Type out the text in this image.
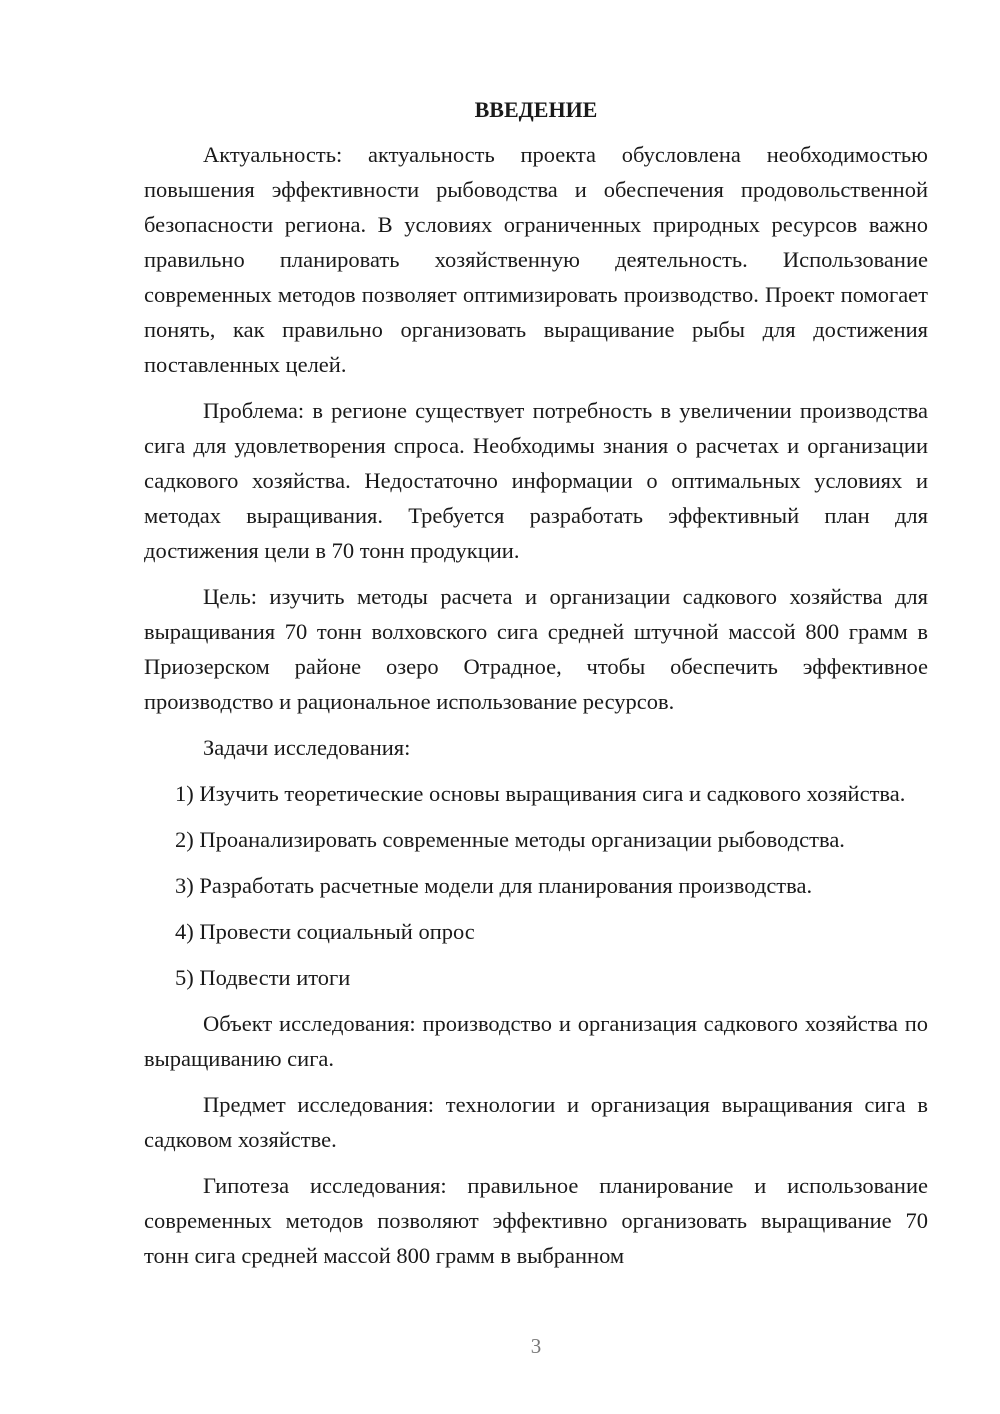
ВВЕДЕНИЕ

Актуальность: актуальность проекта обусловлена необходимостью повышения эффективности рыбоводства и обеспечения продовольственной безопасности региона. В условиях ограниченных природных ресурсов важно правильно планировать хозяйственную деятельность. Использование современных методов позволяет оптимизировать производство. Проект помогает понять, как правильно организовать выращивание рыбы для достижения поставленных целей.

Проблема: в регионе существует потребность в увеличении производства сига для удовлетворения спроса. Необходимы знания о расчетах и организации садкового хозяйства. Недостаточно информации о оптимальных условиях и методах выращивания. Требуется разработать эффективный план для достижения цели в 70 тонн продукции.

Цель: изучить методы расчета и организации садкового хозяйства для выращивания 70 тонн волховского сига средней штучной массой 800 грамм в Приозерском районе озеро Отрадное, чтобы обеспечить эффективное производство и рациональное использование ресурсов.

Задачи исследования:

1) Изучить теоретические основы выращивания сига и садкового хозяйства.

2) Проанализировать современные методы организации рыбоводства.

3) Разработать расчетные модели для планирования производства.

4) Провести социальный опрос

5) Подвести итоги

Объект исследования: производство и организация садкового хозяйства по выращиванию сига.

Предмет исследования: технологии и организация выращивания сига в садковом хозяйстве.

Гипотеза исследования: правильное планирование и использование современных методов позволяют эффективно организовать выращивание 70 тонн сига средней массой 800 грамм в выбранном

3
